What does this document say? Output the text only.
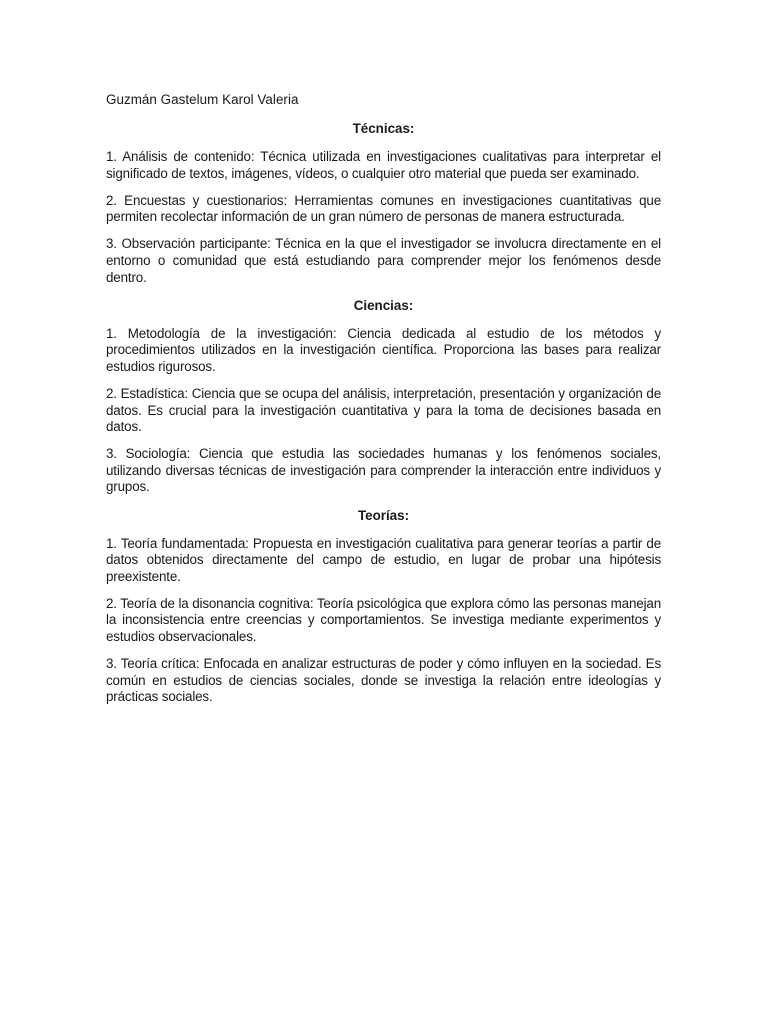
Guzmán Gastelum Karol Valeria
Técnicas:

1. Análisis de contenido: Técnica utilizada en investigaciones cualitativas para interpretar el significado de textos, imágenes, vídeos, o cualquier otro material que pueda ser examinado.

2. Encuestas y cuestionarios: Herramientas comunes en investigaciones cuantitativas que permiten recolectar información de un gran número de personas de manera estructurada.

3. Observación participante: Técnica en la que el investigador se involucra directamente en el entorno o comunidad que está estudiando para comprender mejor los fenómenos desde dentro.

Ciencias:

1. Metodología de la investigación: Ciencia dedicada al estudio de los métodos y procedimientos utilizados en la investigación científica. Proporciona las bases para realizar estudios rigurosos.

2. Estadística: Ciencia que se ocupa del análisis, interpretación, presentación y organización de datos. Es crucial para la investigación cuantitativa y para la toma de decisiones basada en datos.

3. Sociología: Ciencia que estudia las sociedades humanas y los fenómenos sociales, utilizando diversas técnicas de investigación para comprender la interacción entre individuos y grupos.

Teorías:

1. Teoría fundamentada: Propuesta en investigación cualitativa para generar teorías a partir de datos obtenidos directamente del campo de estudio, en lugar de probar una hipótesis preexistente.

2. Teoría de la disonancia cognitiva: Teoría psicológica que explora cómo las personas manejan la inconsistencia entre creencias y comportamientos. Se investiga mediante experimentos y estudios observacionales.

3. Teoría crítica: Enfocada en analizar estructuras de poder y cómo influyen en la sociedad. Es común en estudios de ciencias sociales, donde se investiga la relación entre ideologías y prácticas sociales.
